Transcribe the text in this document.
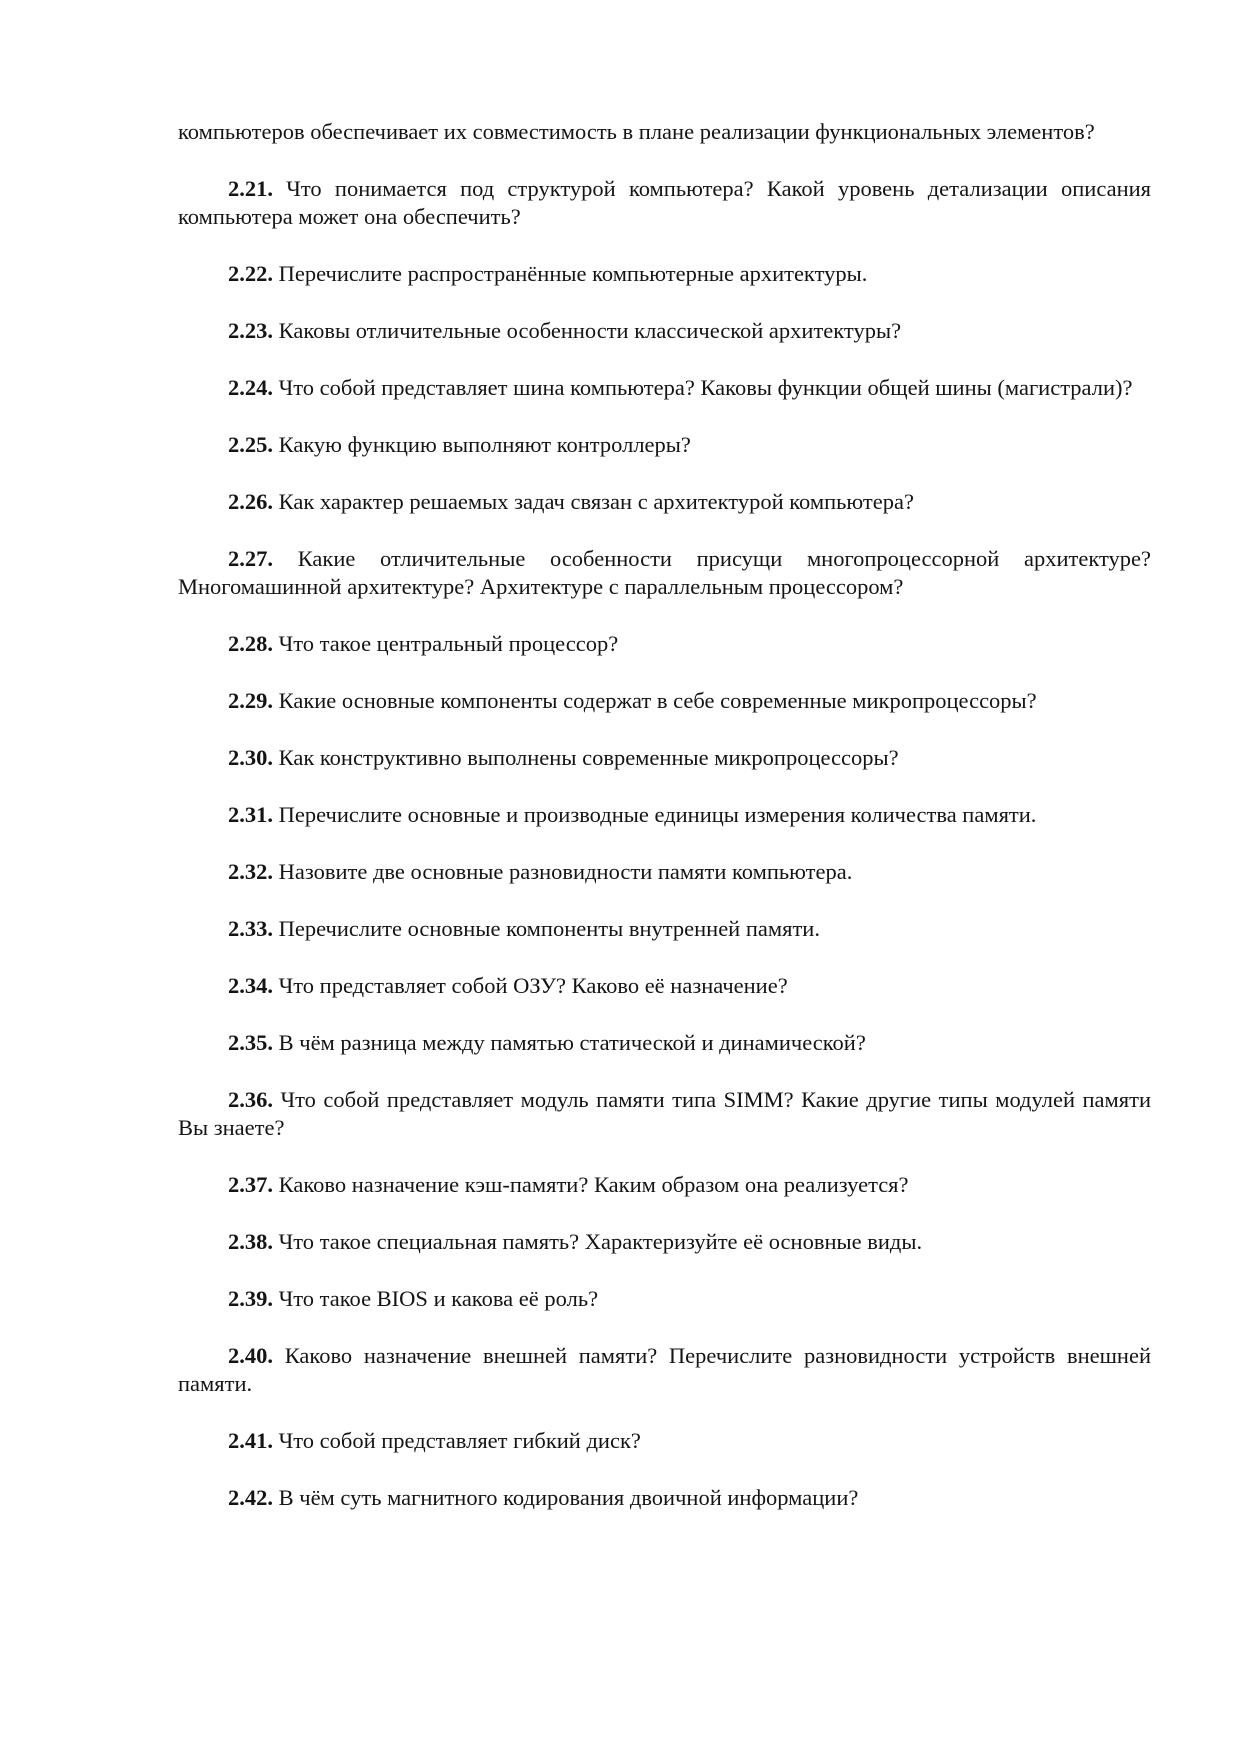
компьютеров обеспечивает их совместимость в плане реализации функциональных элементов?

2.21. Что понимается под структурой компьютера? Какой уровень детализации описания компьютера может она обеспечить?

2.22. Перечислите распространённые компьютерные архитектуры.

2.23. Каковы отличительные особенности классической архитектуры?

2.24. Что собой представляет шина компьютера? Каковы функции общей шины (магистрали)?

2.25. Какую функцию выполняют контроллеры?

2.26. Как характер решаемых задач связан с архитектурой компьютера?

2.27. Какие отличительные особенности присущи многопроцессорной архитектуре? Многомашинной архитектуре? Архитектуре с параллельным процессором?

2.28. Что такое центральный процессор?

2.29. Какие основные компоненты содержат в себе современные микропроцессоры?

2.30. Как конструктивно выполнены современные микропроцессоры?

2.31. Перечислите основные и производные единицы измерения количества памяти.

2.32. Назовите две основные разновидности памяти компьютера.

2.33. Перечислите основные компоненты внутренней памяти.

2.34. Что представляет собой ОЗУ? Каково её назначение?

2.35. В чём разница между памятью статической и динамической?

2.36. Что собой представляет модуль памяти типа SIMM? Какие другие типы модулей памяти Вы знаете?

2.37. Каково назначение кэш-памяти? Каким образом она реализуется?

2.38. Что такое специальная память? Характеризуйте её основные виды.

2.39. Что такое BIOS и какова её роль?

2.40. Каково назначение внешней памяти? Перечислите разновидности устройств внешней памяти.

2.41. Что собой представляет гибкий диск?

2.42. В чём суть магнитного кодирования двоичной информации?
